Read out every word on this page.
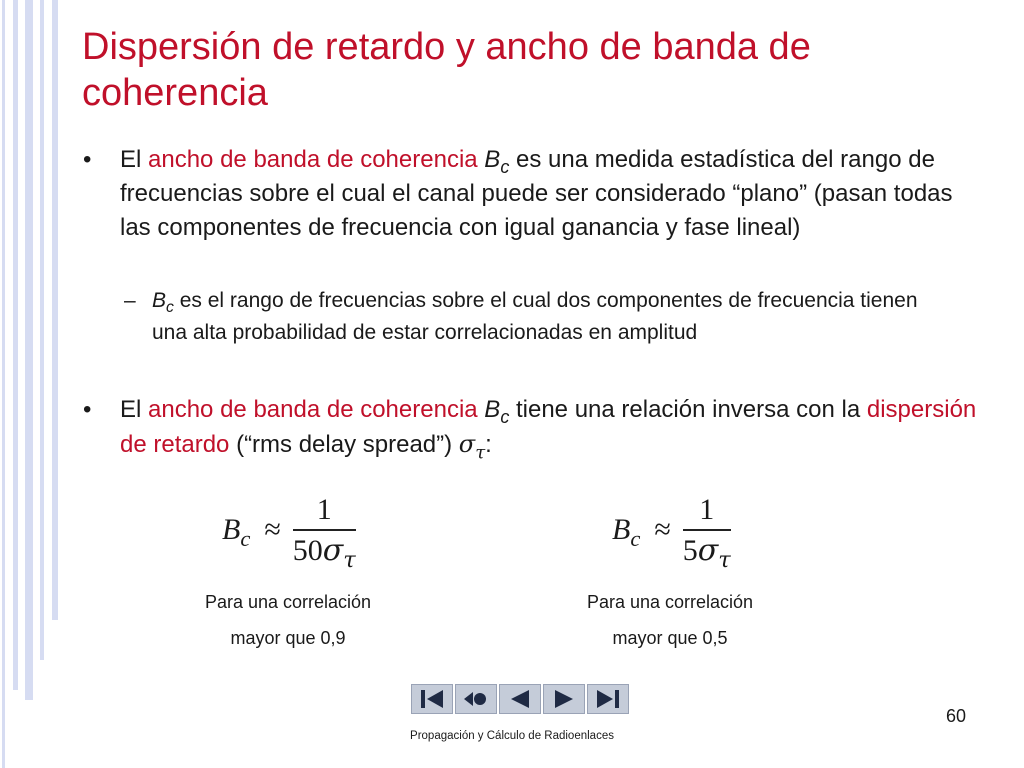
Dispersión de retardo y ancho de banda de coherencia
• El ancho de banda de coherencia $B_c$ es una medida estadística del rango de frecuencias sobre el cual el canal puede ser considerado “plano” (pasan todas las componentes de frecuencia con igual ganancia y fase lineal)
– $B_c$ es el rango de frecuencias sobre el cual dos componentes de frecuencia tienen una alta probabilidad de estar correlacionadas en amplitud
• El ancho de banda de coherencia $B_c$ tiene una relación inversa con la dispersión de retardo (“rms delay spread”) $\sigma_\tau$:
$B_c \approx \frac{1}{50\sigma_\tau}$	$B_c \approx \frac{1}{5\sigma_\tau}$
Para una correlación
mayor que 0,9
Para una correlación
mayor que 0,5
60
Propagación y Cálculo de Radioenlaces
